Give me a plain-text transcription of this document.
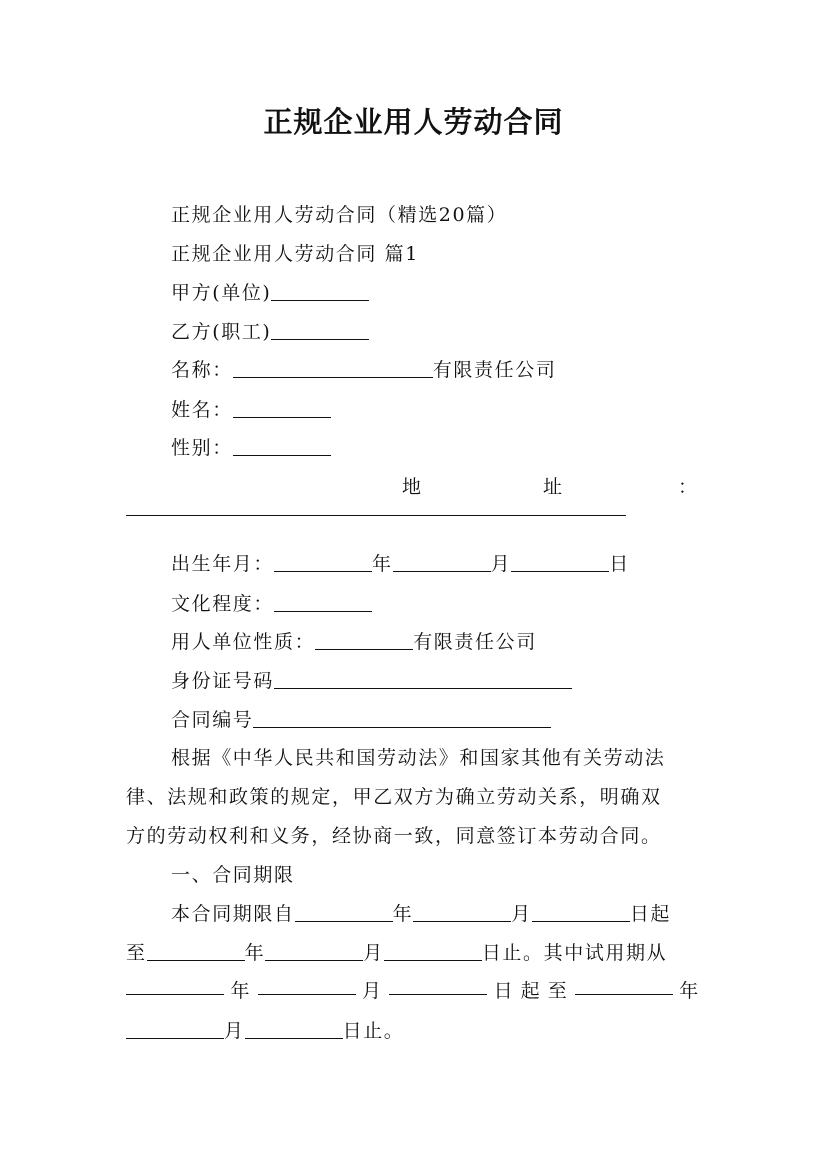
正规企业用人劳动合同
正规企业用人劳动合同（精选20篇）
正规企业用人劳动合同 篇1
甲方(单位)
乙方(职工)
名称：	有限责任公司
姓名：
性别：
地	址	：
出生年月：	年	月	日
文化程度：
用人单位性质：	有限责任公司
身份证号码
合同编号
根据《中华人民共和国劳动法》和国家其他有关劳动法
律、法规和政策的规定，甲乙双方为确立劳动关系，明确双
方的劳动权利和义务，经协商一致，同意签订本劳动合同。
一、合同期限
本合同期限自	年	月	日起
至	年	月	日止。其中试用期从
年	月	日 起 至	年
月	日止。
